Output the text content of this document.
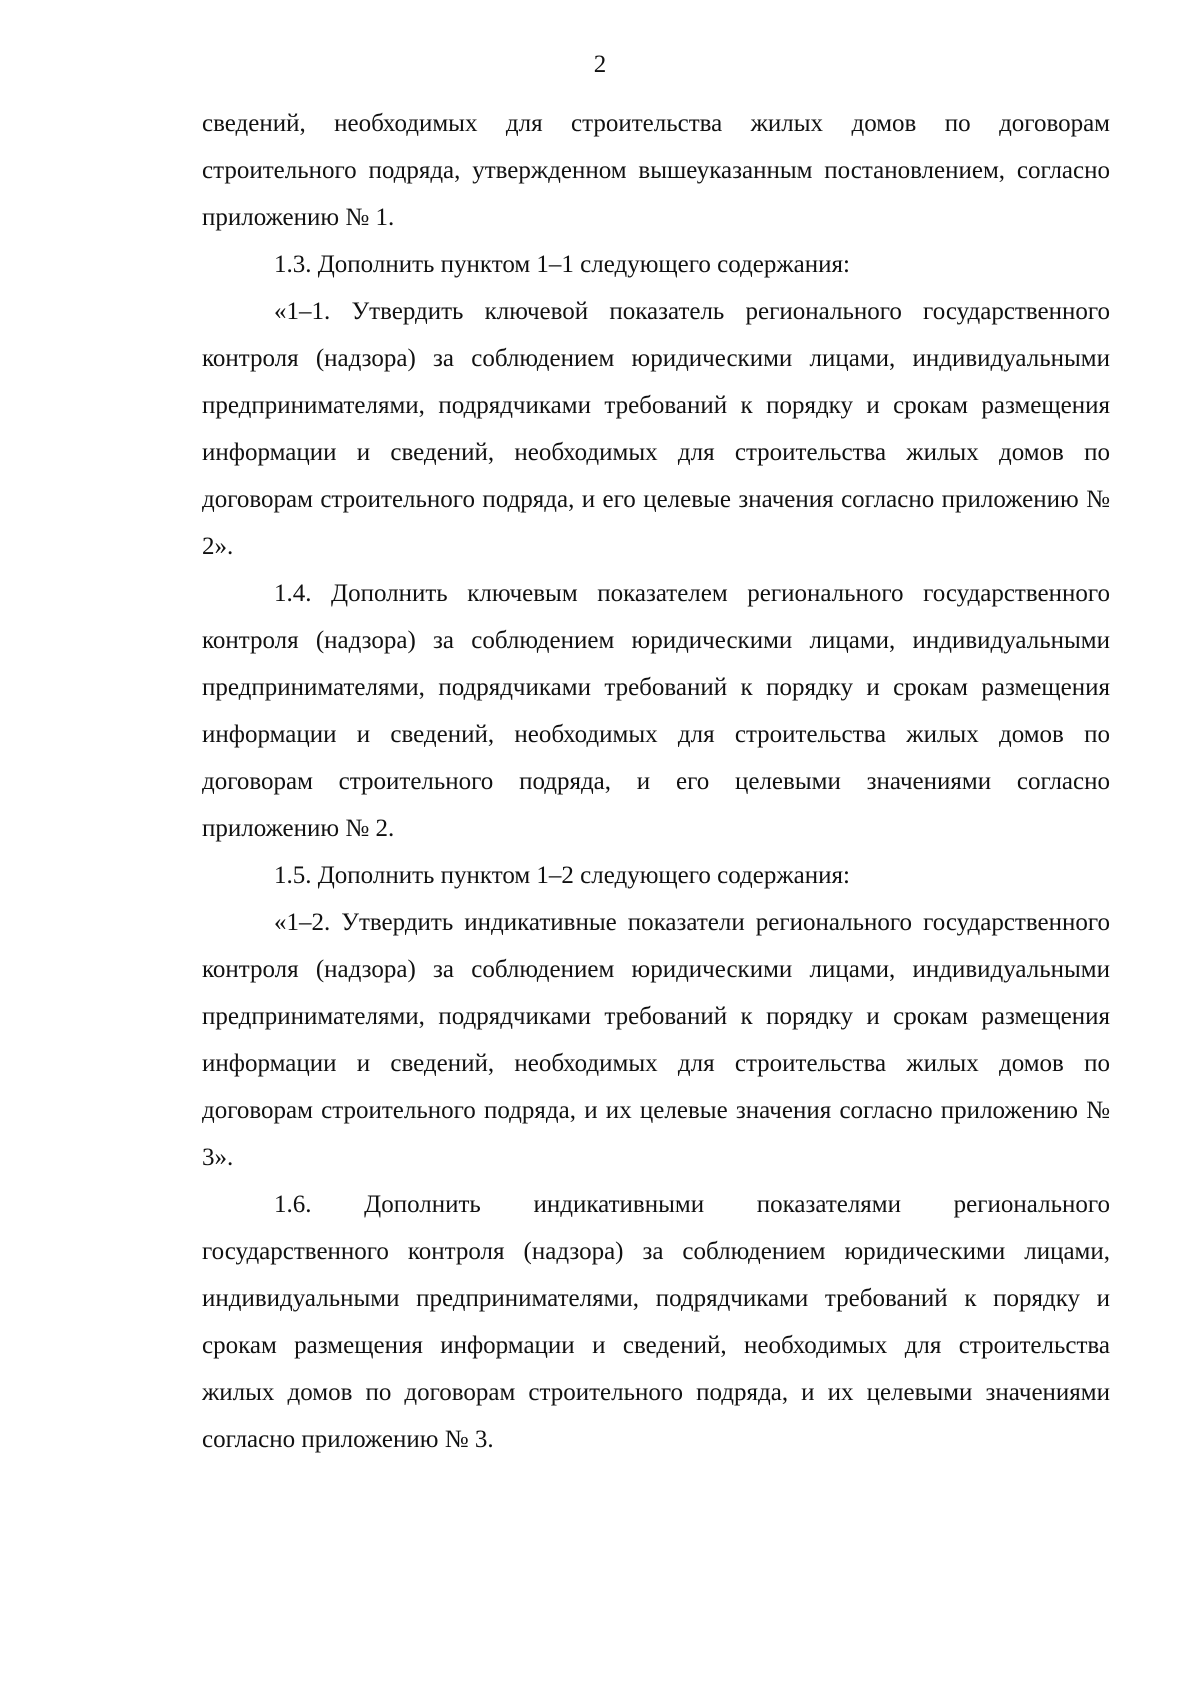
2

сведений, необходимых для строительства жилых домов по договорам строительного подряда, утвержденном вышеуказанным постановлением, согласно приложению № 1.

1.3. Дополнить пунктом 1–1 следующего содержания:

«1–1. Утвердить ключевой показатель регионального государственного контроля (надзора) за соблюдением юридическими лицами, индивидуальными предпринимателями, подрядчиками требований к порядку и срокам размещения информации и сведений, необходимых для строительства жилых домов по договорам строительного подряда, и его целевые значения согласно приложению № 2».

1.4. Дополнить ключевым показателем регионального государственного контроля (надзора) за соблюдением юридическими лицами, индивидуальными предпринимателями, подрядчиками требований к порядку и срокам размещения информации и сведений, необходимых для строительства жилых домов по договорам строительного подряда, и его целевыми значениями согласно приложению № 2.

1.5. Дополнить пунктом 1–2 следующего содержания:

«1–2. Утвердить индикативные показатели регионального государственного контроля (надзора) за соблюдением юридическими лицами, индивидуальными предпринимателями, подрядчиками требований к порядку и срокам размещения информации и сведений, необходимых для строительства жилых домов по договорам строительного подряда, и их целевые значения согласно приложению № 3».

1.6. Дополнить индикативными показателями регионального государственного контроля (надзора) за соблюдением юридическими лицами, индивидуальными предпринимателями, подрядчиками требований к порядку и срокам размещения информации и сведений, необходимых для строительства жилых домов по договорам строительного подряда, и их целевыми значениями согласно приложению № 3.
